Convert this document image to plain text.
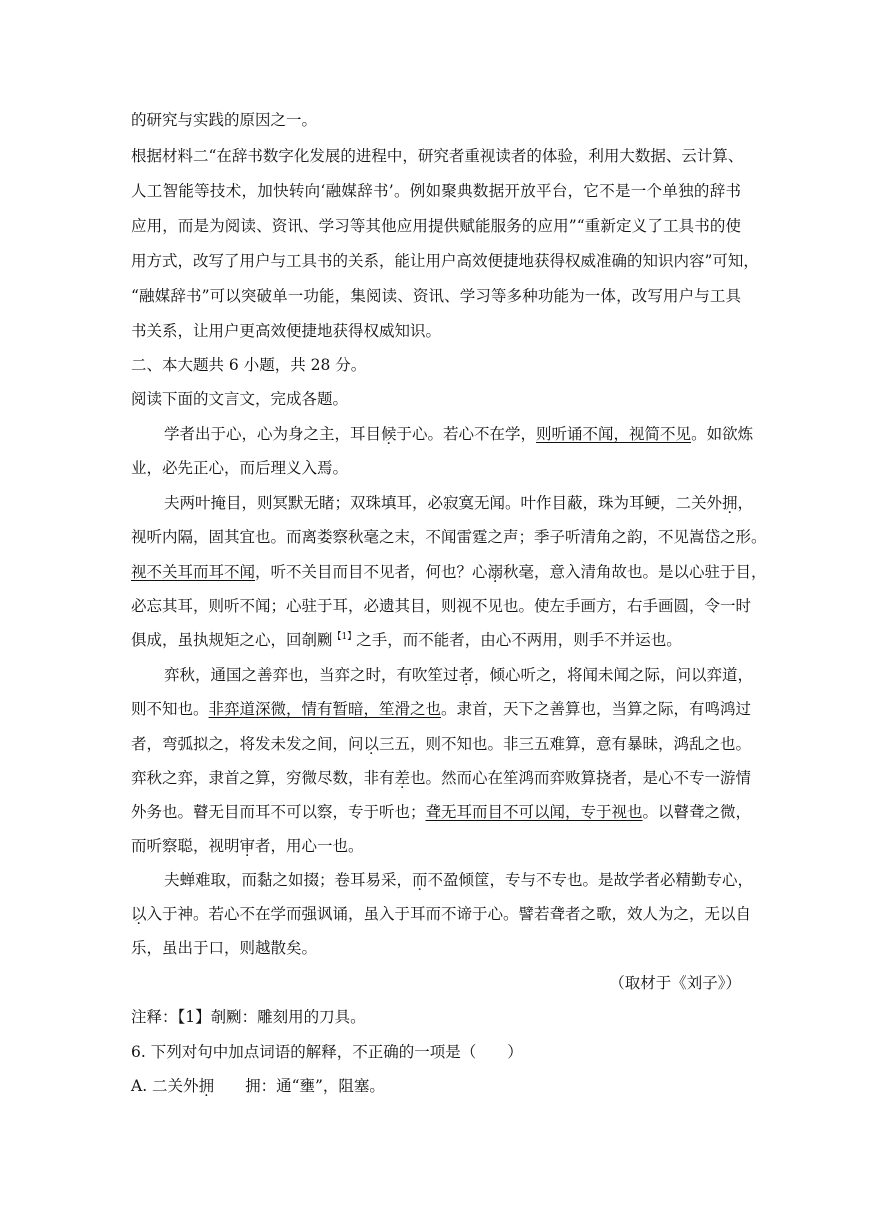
的研究与实践的原因之一。
根据材料二“在辞书数字化发展的进程中，研究者重视读者的体验，利用大数据、云计算、
人工智能等技术，加快转向‘融媒辞书’。例如聚典数据开放平台，它不是一个单独的辞书
应用，而是为阅读、资讯、学习等其他应用提供赋能服务的应用”“重新定义了工具书的使
用方式，改写了用户与工具书的关系，能让用户高效便捷地获得权威准确的知识内容”可知，
“融媒辞书”可以突破单一功能，集阅读、资讯、学习等多种功能为一体，改写用户与工具
书关系，让用户更高效便捷地获得权威知识。
二、本大题共 6 小题，共 28 分。
阅读下面的文言文，完成各题。
学者出于心，心为身之主，耳目候于心。若心不在学，则听诵不闻，视简不见。如欲炼
业，必先正心，而后理义入焉。
夫两叶掩目，则冥默无睹；双珠填耳，必寂寞无闻。叶作目蔽，珠为耳鲠，二关外拥，
视听内隔，固其宜也。而离娄察秋毫之末，不闻雷霆之声；季子听清角之韵，不见嵩岱之形。
视不关耳而耳不闻，听不关目而目不见者，何也？心溺秋毫，意入清角故也。是以心驻于目，
必忘其耳，则听不闻；心驻于耳，必遗其目，则视不见也。使左手画方，右手画圆，令一时
俱成，虽执规矩之心，回剞劂$^{【1】}$之手，而不能者，由心不两用，则手不并运也。
弈秋，通国之善弈也，当弈之时，有吹笙过者，倾心听之，将闻未闻之际，问以弈道，
则不知也。非弈道深微，情有暂暗，笙滑之也。隶首，天下之善算也，当算之际，有鸣鸿过
者，弯弧拟之，将发未发之间，问以三五，则不知也。非三五难算，意有暴昧，鸿乱之也。
弈秋之弈，隶首之算，穷微尽数，非有差也。然而心在笙鸿而弈败算挠者，是心不专一游情
外务也。瞽无目而耳不可以察，专于听也；聋无耳而目不可以闻，专于视也。以瞽聋之微，
而听察聪，视明审者，用心一也。
夫蝉难取，而黏之如掇；卷耳易采，而不盈倾筐，专与不专也。是故学者必精勤专心，
以入于神。若心不在学而强讽诵，虽入于耳而不谛于心。譬若聋者之歌，效人为之，无以自
乐，虽出于口，则越散矣。
（取材于《刘子》）
注释：【1】剞劂：雕刻用的刀具。
6. 下列对句中加点词语的解释，不正确的一项是（　　）
A. 二关外拥　　拥：通“壅”，阻塞。
